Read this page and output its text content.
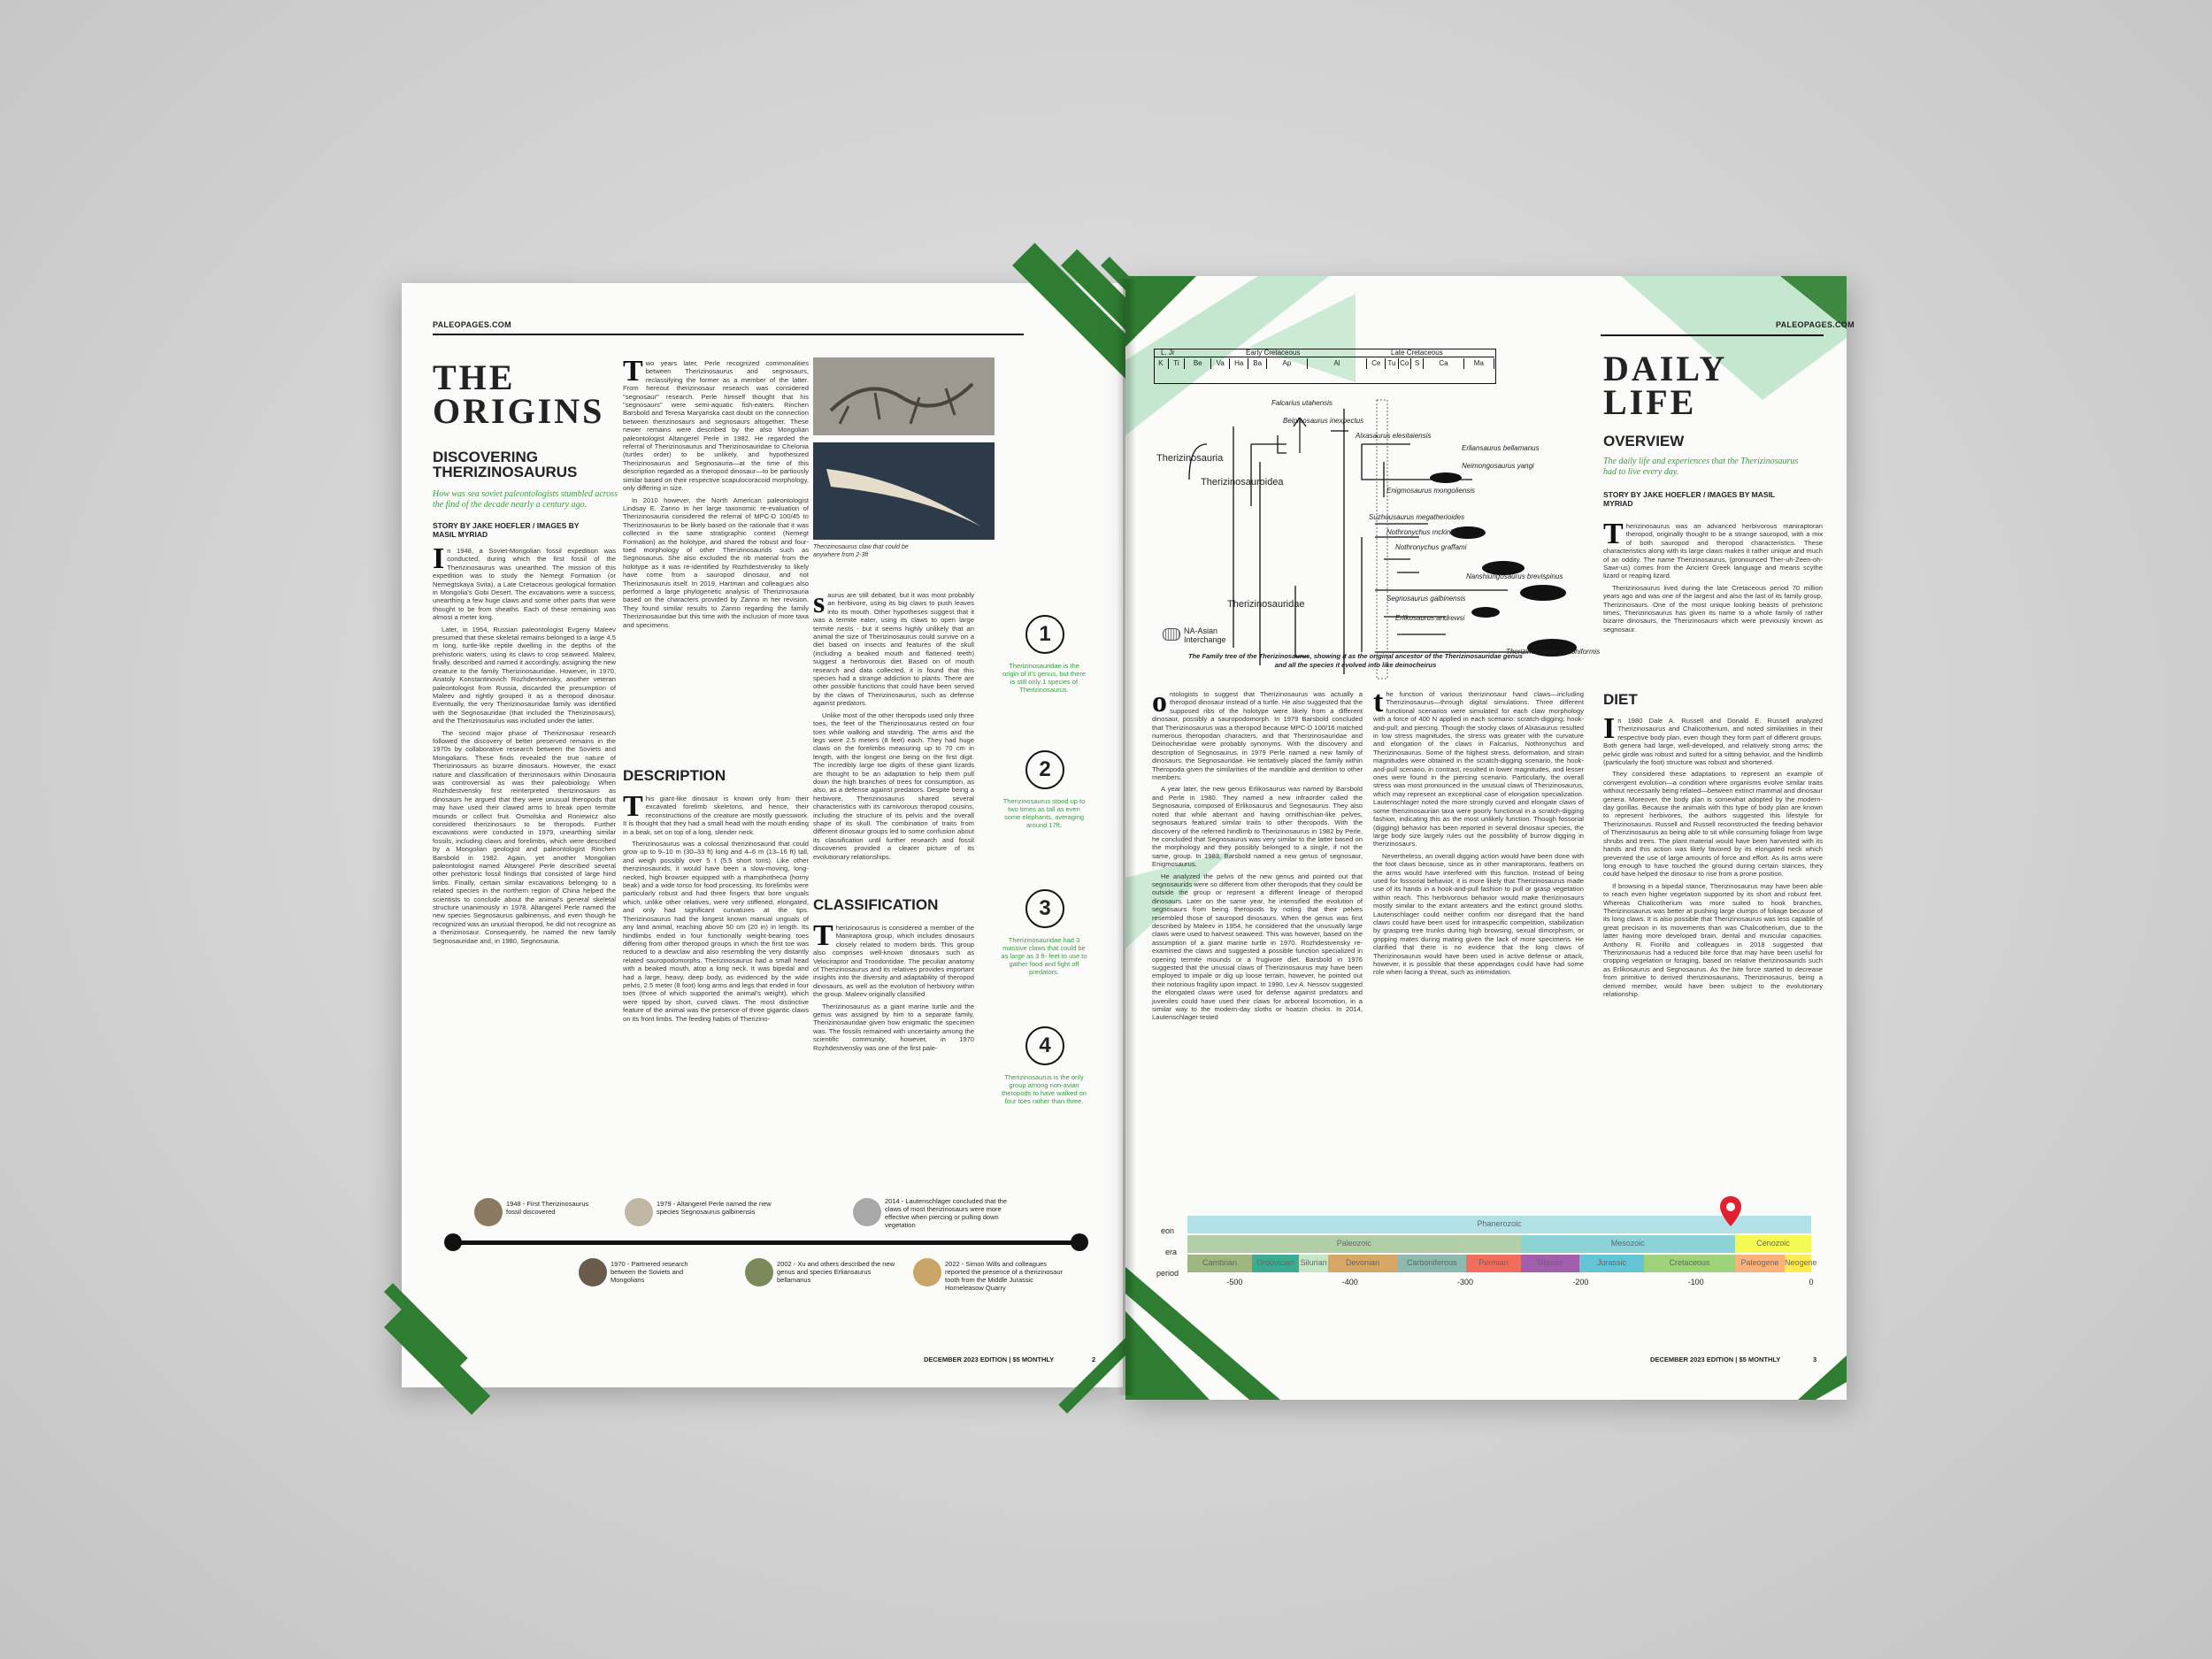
PALEOPAGES.COM
THE
ORIGINS
DISCOVERING THERIZINOSAURUS
How was sea soviet paleontologists stumbled across the find of the decade nearly a century ago.
STORY BY JAKE HOEFLER / IMAGES BY MASIL MYRIAD

In 1948, a Soviet-Mongolian fossil expedition was conducted, during which the first fossil of the Therizinosaurus was unearthed. The mission of this expedition was to study the Nemegt Formation (or Nemegtskaya Svita), a Late Cretaceous geological formation in Mongolia's Gobi Desert. The excavations were a success, unearthing a few huge claws and some other parts that were thought to be from sheaths. Each of these remaining was almost a meter long.

Later, in 1954, Russian paleontologist Evgeny Maleev presumed that these skeletal remains belonged to a large 4.5 m long, turtle-like reptile dwelling in the depths of the prehistoric waters, using its claws to crop seaweed. Maleev, finally, described and named it accordingly, assigning the new creature to the family Therizinosauridae. However, in 1970, Anatoly Konstantinovich Rozhdestvensky, another veteran paleontologist from Russia, discarded the presumption of Maleev and rightly grouped it as a theropod dinosaur. Eventually, the very Therizinosauridae family was identified with the Segnosauridae (that included the Therizinosaurs), and the Therizinosaurus was included under the latter.

The second major phase of Therizinosaur research followed the discovery of better preserved remains in the 1970s by collaborative research between the Soviets and Mongolians. These finds revealed the true nature of Therizinosaurs as bizarre dinosaurs. However, the exact nature and classification of therizinosaurs within Dinosauria was controversial as was their paleobiology. When Rozhdestvensky first reinterpreted therizinosaurs as dinosaurs he argued that they were unusual theropods that may have used their clawed arms to break open termite mounds or collect fruit. Osmolska and Roniewicz also considered therizinosaurs to be theropods. Further excavations were conducted in 1979, unearthing similar fossils, including claws and forelimbs, which were described by a Mongolian geologist and paleontologist Rinchen Barsbold in 1982. Again, yet another Mongolian paleontologist named Altangerel Perle described several other prehistoric fossil findings that consisted of large hind limbs. Finally, certain similar excavations belonging to a related species in the northern region of China helped the scientists to conclude about the animal's general skeletal structure unanimously in 1978. Altangerel Perle named the new species Segnosaurus galbinensis, and even though he recognized was an unusual theropod, he did not recognize as a therizinosaur. Consequently, he named the new family Segnosauridae and, in 1980, Segnosauria.

Two years later, Perle recognized commonalities between Therizinosaurus and segnosaurs, reclassifying the former as a member of the latter. From hereout therizinosaur research was considered "segnosaur" research. Perle himself thought that his "segnosaurs" were semi-aquatic fish-eaters. Rinchen Barsbold and Teresa Maryańska cast doubt on the connection between therizinosaurs and segnosaurs altogether. These newer remains were described by the also Mongolian paleontologist Altangerel Perle in 1982. He regarded the referral of Therizinosaurus and Therizinosauridae to Chelonia (turtles order) to be unlikely, and hypothesized Therizinosaurus and Segnosauria—at the time of this description regarded as a theropod dinosaur—to be partiously similar based on their respective scapulocoracoid morphology, only differing in size.

In 2010 however, the North American paleontologist Lindsay E. Zanno in her large taxonomic re-evaluation of Therizinosauria considered the referral of MPC-D 100/45 to Therizinosaurus to be likely based on the rationale that it was collected in the same stratigraphic context (Nemegt Formation) as the holotype, and shared the robust and four-toed morphology of other Therizinosaurids such as Segnosaurus. She also excluded the rib material from the holotype as it was re-identified by Rozhdestvensky to likely have come from a sauropod dinosaur, and not Therizinosaurus itself. In 2019, Hartman and colleagues also performed a large phylogenetic analysis of Therizinosauria based on the characters provided by Zanno in her revision. They found similar results to Zanno regarding the family Therizinosauridae but this time with the inclusion of more taxa and specimens.

DESCRIPTION

This giant-like dinosaur is known only from their excavated forelimb skeletons, and hence, their reconstructions of the creature are mostly guesswork. It is thought that they had a small head with the mouth ending in a beak, set on top of a long, slender neck.

Therizinosaurus was a colossal therizinosaurid that could grow up to 9–10 m (30–33 ft) long and 4–6 m (13–16 ft) tall, and weigh possibly over 5 t (5.5 short tons). Like other therizinosaurids, it would have been a slow-moving, long-necked, high browser equipped with a rhamphotheca (horny beak) and a wide torso for food processing. Its forelimbs were particularly robust and had three fingers that bore unguals which, unlike other relatives, were very stiffened, elongated, and only had significant curvatures at the tips. Therizinosaurus had the longest known manual unguals of any land animal, reaching above 50 cm (20 in) in length. Its hindlimbs ended in four functionally weight-bearing toes differing from other theropod groups in which the first toe was reduced to a dewclaw and also resembling the very distantly related sauropodomorphs. Therizinosaurus had a small head with a beaked mouth, atop a long neck. It was bipedal and had a large, heavy, deep body, as evidenced by the wide pelvis, 2.5 meter (8 foot) long arms and legs that ended in four toes (three of which supported the animal's weight), which were tipped by short, curved claws. The most distinctive feature of the animal was the presence of three gigantic claws on its front limbs. The feeding habits of Therizino-

Therizinosaurus claw that could be anywhere from 2-3ft

saurus are still debated, but it was most probably an herbivore, using its big claws to push leaves into its mouth. Other hypotheses suggest that it was a termite eater, using its claws to open large termite nests - but it seems highly unlikely that an animal the size of Therizinosaurus could survive on a diet based on insects and features of the skull (including a beaked mouth and flattened teeth) suggest a herbivorous diet. Based on of mouth research and data collected, it is found that this species had a strange addiction to plants. There are other possible functions that could have been served by the claws of Therizinosaurus, such as defense against predators.

Unlike most of the other theropods used only three toes, the feet of the Therizinosaurus rested on four toes while walking and standing. The arms and the legs were 2.5 meters (8 feet) each. They had huge claws on the forelimbs measuring up to 70 cm in length, with the longest one being on the first digit. The incredibly large toe digits of these giant lizards are thought to be an adaptation to help them pull down the high branches of trees for consumption, as also, as a defense against predators. Despite being a herbivore, Therizinosaurus shared several characteristics with its carnivorous theropod cousins, including the structure of its pelvis and the overall shape of its skull. The combination of traits from different dinosaur groups led to some confusion about its classification until further research and fossil discoveries provided a clearer picture of its evolutionary relationships.

CLASSIFICATION

Therizinosaurus is considered a member of the Maniraptora group, which includes dinosaurs closely related to modern birds. This group also comprises well-known dinosaurs such as Velociraptor and Troodontidae. The peculiar anatomy of Therizinosaurus and its relatives provides important insights into the diversity and adaptability of theropod dinosaurs, as well as the evolution of herbivory within the group. Maleev originally classified

Therizinosaurus as a giant marine turtle and the genus was assigned by him to a separate family, Therizinosauridae given how enigmatic the specimen was. The fossils remained with uncertainty among the scientific community; however, in 1970 Rozhdestvensky was one of the first pale-

1
Therizinosauridae is the origin of it's genus, but there is still only 1 species of Therizinosaurus.
2
Therizinosaurus stood up to two times as tall as even some elephants, averaging around 17ft.
3
Therizinosauridae had 3 massive claws that could be as large as 3 ft- feet to use to gather food and fight off predators.
4
Therizinosaurus is the only group among non-avian theropods to have walked on four toes rather than three.
1948 - First Therizinosaurus fossil discovered
1979 - Altangerel Perle named the new species Segnosaurus galbinensis
2014 - Lautenschlager concluded that the claws of most therizinosaurs were more effective when piercing or pulling down vegetation
1970 - Partnered research between the Soviets and Mongolians
2002 - Xu and others described the new genus and species Erliansaurus bellamanus
2022 - Simon Wills and colleagues reported the presence of a therizinosaur tooth from the Middle Jurassic Horneleasow Quarry
DECEMBER 2023 EDITION | $5 MONTHLY	2
PALEOPAGES.COM
L. Jr	Early Cretaceous	Late Cretaceous
K	Ti	Be	Va	Ha	Ba	Ap	Al	Ce	Tu Co S	Ca	Ma
Falcarius utahensis
Beipiaosaurus inexpectus
Alxasaurus elesitaiensis
Erliansaurus bellamanus
Neimongosaurus yangi
Enigmosaurus mongoliensis
Suzhousaurus megatherioides
Nothronychus mckinleyi
Nothronychus graffami
Nanshiungosaurus brevispinus
Segnosaurus galbinensis
Erlikosaurus andrewsi
Therizinosaurus cheloniformis
Therizinosauria
Therizinosauroidea
Therizinosauridae
NA-Asian Interchange
The Family tree of the Therizinosaurus, showing it as the original ancestor of the Therizinosauridae genus and all the species it evolved into like deinocheirus
DAILY
LIFE
OVERVIEW
The daily life and experiences that the Therizinosaurus had to live every day.
STORY BY JAKE HOEFLER / IMAGES BY MASIL MYRIAD

Therizinosaurus was an advanced herbivorous maniraptoran theropod, originally thought to be a strange sauropod, with a mix of both sauropod and theropod characteristics. These characteristics along with its large claws makes it rather unique and much of an oddity. The name Therizinosaurus, (pronounced Ther-uh-Zeen-oh-Sawr-us) comes from the Ancient Greek language and means scythe lizard or reaping lizard.

Therizinosaurus lived during the late Cretaceous period 70 million years ago and was one of the largest and also the last of its family group, Therizinosaurs. One of the most unique looking beasts of prehistoric times, Therizinosaurus has given its name to a whole family of rather bizarre dinosaurs, the Therizinosaurs which were previously known as segnosaur.

DIET

In 1980 Dale A. Russell and Donald E. Russell analyzed Therizinosaurus and Chalicotherium, and noted similarities in their respective body plan, even though they form part of different groups. Both genera had large, well-developed, and relatively strong arms; the pelvic girdle was robust and suited for a sitting behavior, and the hindlimb (particularly the foot) structure was robust and shortened.

They considered these adaptations to represent an example of convergent evolution—a condition where organisms evolve similar traits without necessarily being related—between extinct mammal and dinosaur genera. Moreover, the body plan is somewhat adopted by the modern-day gorillas. Because the animals with this type of body plan are known to represent herbivores, the authors suggested this lifestyle for Therizinosaurus. Russell and Russell reconstructed the feeding behavior of Therizinosaurus as being able to sit while consuming foliage from large shrubs and trees. The plant material would have been harvested with its hands and this action was likely favored by its elongated neck which prevented the use of large amounts of force and effort. As its arms were long enough to have touched the ground during certain stances, they could have helped the dinosaur to rise from a prone position.

If browsing in a bipedal stance, Therizinosaurus may have been able to reach even higher vegetation supported by its short and robust feet. Whereas Chalicotherium was more suited to hook branches, Therizinosaurus was better at pushing large clumps of foliage because of its long claws. It is also possible that Therizinosaurus was less capable of great precision in its movements than was Chalicotherium, due to the latter having more developed brain, dental and muscular capacities. Anthony R. Fiorillo and colleagues in 2018 suggested that Therizinosaurus had a reduced bite force that may have been useful for cropping vegetation or foraging, based on relative therizinosaurids such as Erlikosaurus and Segnosaurus. As the bite force started to decrease from primitive to derived therizinosaurians, Therizinosaurus, being a derived member, would have been subject to the evolutionary relationship.

ontologists to suggest that Therizinosaurus was actually a theropod dinosaur instead of a turtle. He also suggested that the supposed ribs of the holotype were likely from a different dinosaur, possibly a sauropodomorph. In 1979 Barsbold concluded that Therizinosaurus was a theropod because MPC-D 100/16 matched numerous theropodan characters, and that Therizinosauridae and Deinocheiridae were probably synonyms. With the discovery and description of Segnosaurus, in 1979 Perle named a new family of dinosaurs, the Segnosauridae. He tentatively placed the family within Theropoda given the similarities of the mandible and dentition to other members.

A year later, the new genus Erlikosaurus was named by Barsbold and Perle in 1980. They named a new infraorder called the Segnosauria, composed of Erlikosaurus and Segnosaurus. They also noted that while aberrant and having ornithischian-like pelves, segnosaurs featured similar traits to other theropods. With the discovery of the referred hindlimb to Therizinosaurus in 1982 by Perle, he concluded that Segnosaurus was very similar to the latter based on the morphology and they possibly belonged to a single, if not the same, group. In 1983, Barsbold named a new genus of segnosaur, Enigmosaurus.

He analyzed the pelvis of the new genus and pointed out that segnosaurids were so different from other theropods that they could be outside the group or represent a different lineage of theropod dinosaurs. Later on the same year, he intensified the evolution of segnosaurs from being theropods by noting that their pelves resembled those of sauropod dinosaurs. When the genus was first described by Maleev in 1954, he considered that the unusually large claws were used to harvest seaweed. This was however, based on the assumption of a giant marine turtle in 1970. Rozhdestvensky re-examined the claws and suggested a possible function specialized in opening termite mounds or a frugivore diet. Barsbold in 1976 suggested that the unusual claws of Therizinosaurus may have been employed to impale or dig up loose terrain, however, he pointed out their notorious fragility upon impact. In 1990, Lev A. Nessov suggested the elongated claws were used for defense against predators and juveniles could have used their claws for arboreal locomotion, in a similar way to the modern-day sloths or hoatzin chicks. In 2014, Lautenschlager tested

the function of various therizinosaur hand claws—including Therizinosaurus—through digital simulations. Three different functional scenarios were simulated for each claw morphology with a force of 400 N applied in each scenario: scratch-digging; hook-and-pull; and piercing. Though the stocky claws of Alxasaurus resulted in low stress magnitudes, the stress was greater with the curvature and elongation of the claws in Falcarius, Nothronychus and Therizinosaurus. Some of the highest stress, deformation, and strain magnitudes were obtained in the scratch-digging scenario, the hook-and-pull scenario, in contrast, resulted in lower magnitudes, and lesser ones were found in the piercing scenario. Particularly, the overall stress was most pronounced in the unusual claws of Therizinosaurus, which may represent an exceptional case of elongation specialization. Lautenschlager noted the more strongly curved and elongate claws of some therizinosaurian taxa were poorly functional in a scratch-digging fashion, indicating this as the most unlikely function. Though fossorial (digging) behavior has been reported in several dinosaur species, the large body size largely rules out the possibility of burrow digging in therizinosaurs.

Nevertheless, an overall digging action would have been done with the foot claws because, since as in other maniraptorans, feathers on the arms would have interfered with this function. Instead of being used for fossorial behavior, it is more likely that Therizinosaurus made use of its hands in a hook-and-pull fashion to pull or grasp vegetation within reach. This herbivorous behavior would make therizinosaurs mostly similar to the extant anteaters and the extinct ground sloths. Lautenschlager could neither confirm nor disregard that the hand claws could have been used for intraspecific competition, stabilization by grasping tree trunks during high browsing, sexual dimorphism, or gripping mates during mating given the lack of more specimens. He clarified that there is no evidence that the long claws of Therizinosaurus would have been used in active defense or attack, however, it is possible that these appendages could have had some role when facing a threat, such as intimidation.

eon
era
period
Phanerozoic
Paleozoic	Mesozoic	Cenozoic
Cambrian	Ordovician Silurian	Devonian	Carboniferous	Permian	Triassic	Jurassic	Cretaceous	Paleogene Neogene
-500	-400	-300	-200	-100	0
DECEMBER 2023 EDITION | $5 MONTHLY	3
